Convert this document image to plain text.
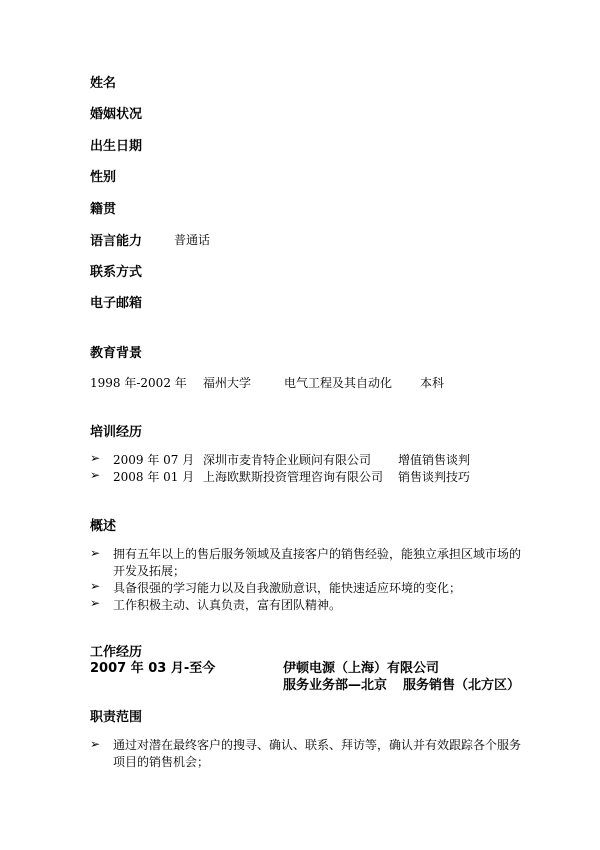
姓名
婚姻状况
出生日期
性别
籍贯
语言能力	普通话
联系方式
电子邮箱
教育背景
1998 年-2002 年 福州大学	电气工程及其自动化 本科
培训经历
➢ 2009 年 07 月 深圳市麦肯特企业顾问有限公司 增值销售谈判
➢ 2008 年 01 月 上海欧默斯投资管理咨询有限公司 销售谈判技巧
概述
➢ 拥有五年以上的售后服务领域及直接客户的销售经验，能独立承担区域市场的开发及拓展；
➢ 具备很强的学习能力以及自我激励意识，能快速适应环境的变化；
➢ 工作积极主动、认真负责，富有团队精神。
工作经历
2007 年 03 月-至今	伊顿电源（上海）有限公司
服务业务部—北京 服务销售（北方区）
职责范围
➢ 通过对潜在最终客户的搜寻、确认、联系、拜访等，确认并有效跟踪各个服务项目的销售机会；
